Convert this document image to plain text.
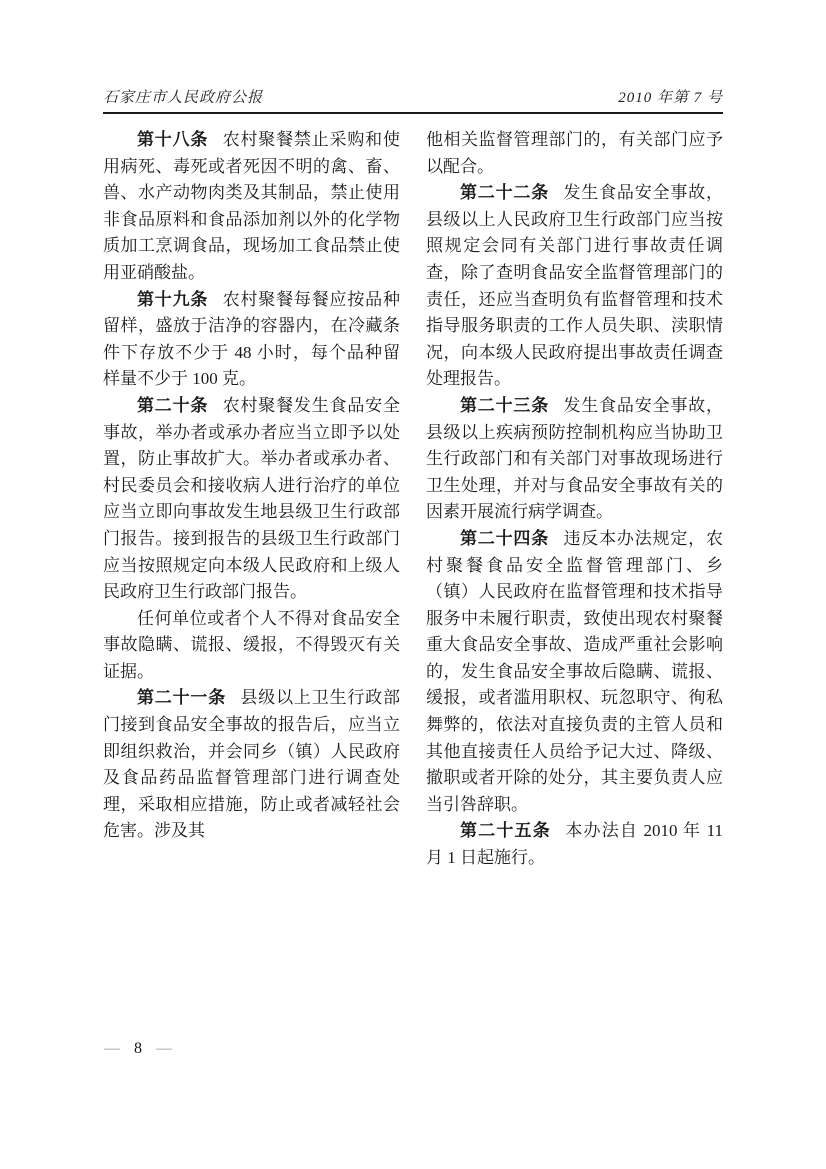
石家庄市人民政府公报	2010 年第 7 号

第十八条 农村聚餐禁止采购和使用病死、毒死或者死因不明的禽、畜、兽、水产动物肉类及其制品，禁止使用非食品原料和食品添加剂以外的化学物质加工烹调食品，现场加工食品禁止使用亚硝酸盐。

第十九条 农村聚餐每餐应按品种留样，盛放于洁净的容器内，在冷藏条件下存放不少于 48 小时，每个品种留样量不少于 100 克。

第二十条 农村聚餐发生食品安全事故，举办者或承办者应当立即予以处置，防止事故扩大。举办者或承办者、村民委员会和接收病人进行治疗的单位应当立即向事故发生地县级卫生行政部门报告。接到报告的县级卫生行政部门应当按照规定向本级人民政府和上级人民政府卫生行政部门报告。

任何单位或者个人不得对食品安全事故隐瞒、谎报、缓报，不得毁灭有关证据。

第二十一条 县级以上卫生行政部门接到食品安全事故的报告后，应当立即组织救治，并会同乡（镇）人民政府及食品药品监督管理部门进行调查处理，采取相应措施，防止或者减轻社会危害。涉及其

他相关监督管理部门的，有关部门应予以配合。

第二十二条 发生食品安全事故，县级以上人民政府卫生行政部门应当按照规定会同有关部门进行事故责任调查，除了查明食品安全监督管理部门的责任，还应当查明负有监督管理和技术指导服务职责的工作人员失职、渎职情况，向本级人民政府提出事故责任调查处理报告。

第二十三条 发生食品安全事故，县级以上疾病预防控制机构应当协助卫生行政部门和有关部门对事故现场进行卫生处理，并对与食品安全事故有关的因素开展流行病学调查。

第二十四条 违反本办法规定，农村聚餐食品安全监督管理部门、乡（镇）人民政府在监督管理和技术指导服务中未履行职责，致使出现农村聚餐重大食品安全事故、造成严重社会影响的，发生食品安全事故后隐瞒、谎报、缓报，或者滥用职权、玩忽职守、徇私舞弊的，依法对直接负责的主管人员和其他直接责任人员给予记大过、降级、撤职或者开除的处分，其主要负责人应当引咎辞职。

第二十五条 本办法自 2010 年 11 月 1 日起施行。

— 8 —
